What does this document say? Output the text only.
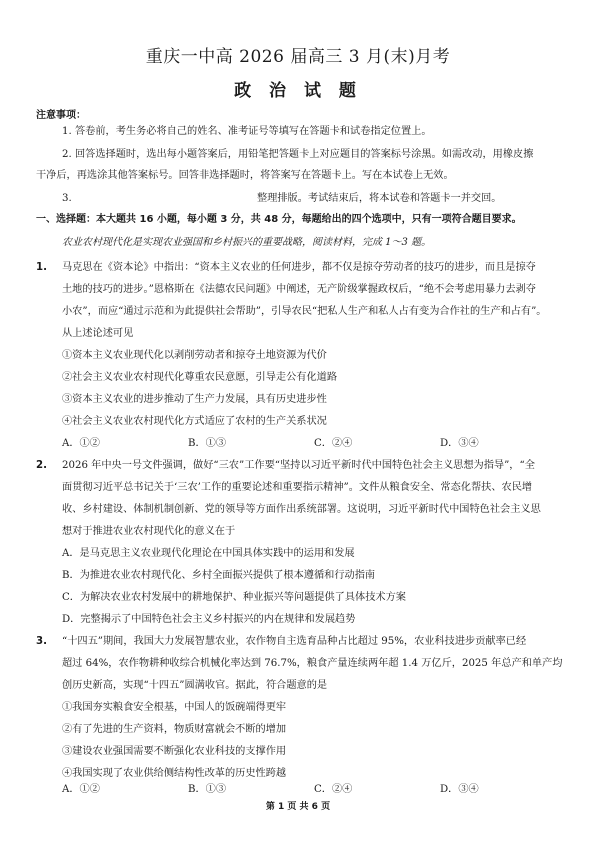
重庆一中高 2026 届高三 3 月(末)月考
政 治 试 题
注意事项：
1. 答卷前，考生务必将自己的姓名、准考证号等填写在答题卡和试卷指定位置上。
2. 回答选择题时，选出每小题答案后，用铅笔把答题卡上对应题目的答案标号涂黑。如需改动，用橡皮擦
干净后，再选涂其他答案标号。回答非选择题时，将答案写在答题卡上。写在本试卷上无效。
3.	整理排版。考试结束后，将本试卷和答题卡一并交回。
一、选择题：本大题共 16 小题，每小题 3 分，共 48 分，每题给出的四个选项中，只有一项符合题目要求。
农业农村现代化是实现农业强国和乡村振兴的重要战略，阅读材料，完成 1～3 题。
1. 马克思在《资本论》中指出：“资本主义农业的任何进步，都不仅是掠夺劳动者的技巧的进步，而且是掠夺
土地的技巧的进步。”恩格斯在《法德农民问题》中阐述，无产阶级掌握政权后，“绝不会考虑用暴力去剥夺
小农”，而应“通过示范和为此提供社会帮助”，引导农民“把私人生产和私人占有变为合作社的生产和占有”。
从上述论述可见
①资本主义农业现代化以剥削劳动者和掠夺土地资源为代价
②社会主义农业农村现代化尊重农民意愿，引导走公有化道路
③资本主义农业的进步推动了生产力发展，具有历史进步性
④社会主义农业农村现代化方式适应了农村的生产关系状况
A．①②	B．①③	C．②④	D．③④
2. 2026 年中央一号文件强调，做好“三农”工作要“坚持以习近平新时代中国特色社会主义思想为指导”，“全
面贯彻习近平总书记关于‘三农’工作的重要论述和重要指示精神”。文件从粮食安全、常态化帮扶、农民增
收、乡村建设、体制机制创新、党的领导等方面作出系统部署。这说明，习近平新时代中国特色社会主义思
想对于推进农业农村现代化的意义在于
A．是马克思主义农业现代化理论在中国具体实践中的运用和发展
B．为推进农业农村现代化、乡村全面振兴提供了根本遵循和行动指南
C．为解决农业农村发展中的耕地保护、种业振兴等问题提供了具体技术方案
D．完整揭示了中国特色社会主义乡村振兴的内在规律和发展趋势
3. “十四五”期间，我国大力发展智慧农业，农作物自主选育品种占比超过 95%，农业科技进步贡献率已经
超过 64%，农作物耕种收综合机械化率达到 76.7%，粮食产量连续两年超 1.4 万亿斤，2025 年总产和单产均
创历史新高，实现“十四五”圆满收官。据此，符合题意的是
①我国夯实粮食安全根基，中国人的饭碗端得更牢
②有了先进的生产资料，物质财富就会不断的增加
③建设农业强国需要不断强化农业科技的支撑作用
④我国实现了农业供给侧结构性改革的历史性跨越
A．①②	B．①③	C．②④	D．③④
第 1 页 共 6 页
